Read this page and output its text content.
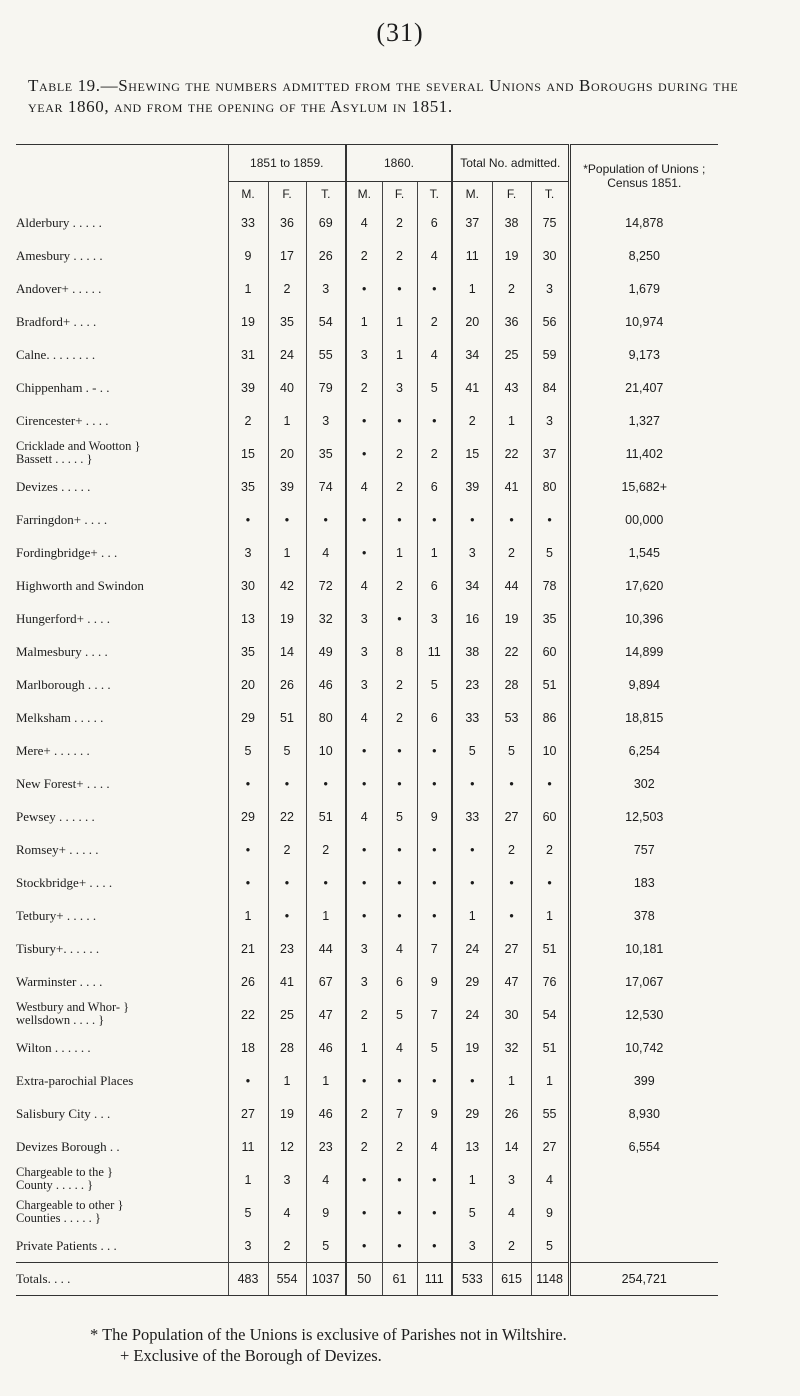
(31)
Table 19.—Shewing the numbers admitted from the several Unions and Boroughs during the year 1860, and from the opening of the Asylum in 1851.
	1851 to 1859.			1860.			Total No. admitted.			*Population of Unions ; Census 1851.
	M.	F.	T.	M.	F.	T.	M.	F.	T.	
Alderbury . . . . .	33	36	69	4	2	6	37	38	75	14,878
Amesbury . . . . .	9	17	26	2	2	4	11	19	30	8,250
Andover+ . . . . .	1	2	3	•	•	•	1	2	3	1,679
Bradford+ . . . .	19	35	54	1	1	2	20	36	56	10,974
Calne. . . . . . . .	31	24	55	3	1	4	34	25	59	9,173
Chippenham . - . .	39	40	79	2	3	5	41	43	84	21,407
Cirencester+ . . . .	2	1	3	•	•	•	2	1	3	1,327

Cricklade and Wootton }
Bassett . . . . . }	15	20	35	•	2	2	15	22	37	11,402
Devizes . . . . .	35	39	74	4	2	6	39	41	80	15,682+
Farringdon+ . . . .	•	•	•	•	•	•	•	•	•	00,000
Fordingbridge+ . . .	3	1	4	•	1	1	3	2	5	1,545
Highworth and Swindon	30	42	72	4	2	6	34	44	78	17,620
Hungerford+ . . . .	13	19	32	3	•	3	16	19	35	10,396
Malmesbury . . . .	35	14	49	3	8	11	38	22	60	14,899
Marlborough . . . .	20	26	46	3	2	5	23	28	51	9,894
Melksham . . . . .	29	51	80	4	2	6	33	53	86	18,815
Mere+ . . . . . .	5	5	10	•	•	•	5	5	10	6,254
New Forest+ . . . .	•	•	•	•	•	•	•	•	•	302
Pewsey . . . . . .	29	22	51	4	5	9	33	27	60	12,503
Romsey+ . . . . .	•	2	2	•	•	•	•	2	2	757
Stockbridge+ . . . .	•	•	•	•	•	•	•	•	•	183
Tetbury+ . . . . .	1	•	1	•	•	•	1	•	1	378
Tisbury+. . . . . .	21	23	44	3	4	7	24	27	51	10,181
Warminster . . . .	26	41	67	3	6	9	29	47	76	17,067

Westbury and Whor- }
wellsdown . . . . }	22	25	47	2	5	7	24	30	54	12,530
Wilton . . . . . .	18	28	46	1	4	5	19	32	51	10,742
Extra-parochial Places	•	1	1	•	•	•	•	1	1	399
Salisbury City . . .	27	19	46	2	7	9	29	26	55	8,930
Devizes Borough . .	11	12	23	2	2	4	13	14	27	6,554

Chargeable to the }
County . . . . . }	1	3	4	•	•	•	1	3	4	

Chargeable to other }
Counties . . . . . }	5	4	9	•	•	•	5	4	9	
Private Patients . . .	3	2	5	•	•	•	3	2	5	
Totals. . . .	483	554	1037	50	61	111	533	615	1148	254,721
* The Population of the Unions is exclusive of Parishes not in Wiltshire.
+ Exclusive of the Borough of Devizes.
